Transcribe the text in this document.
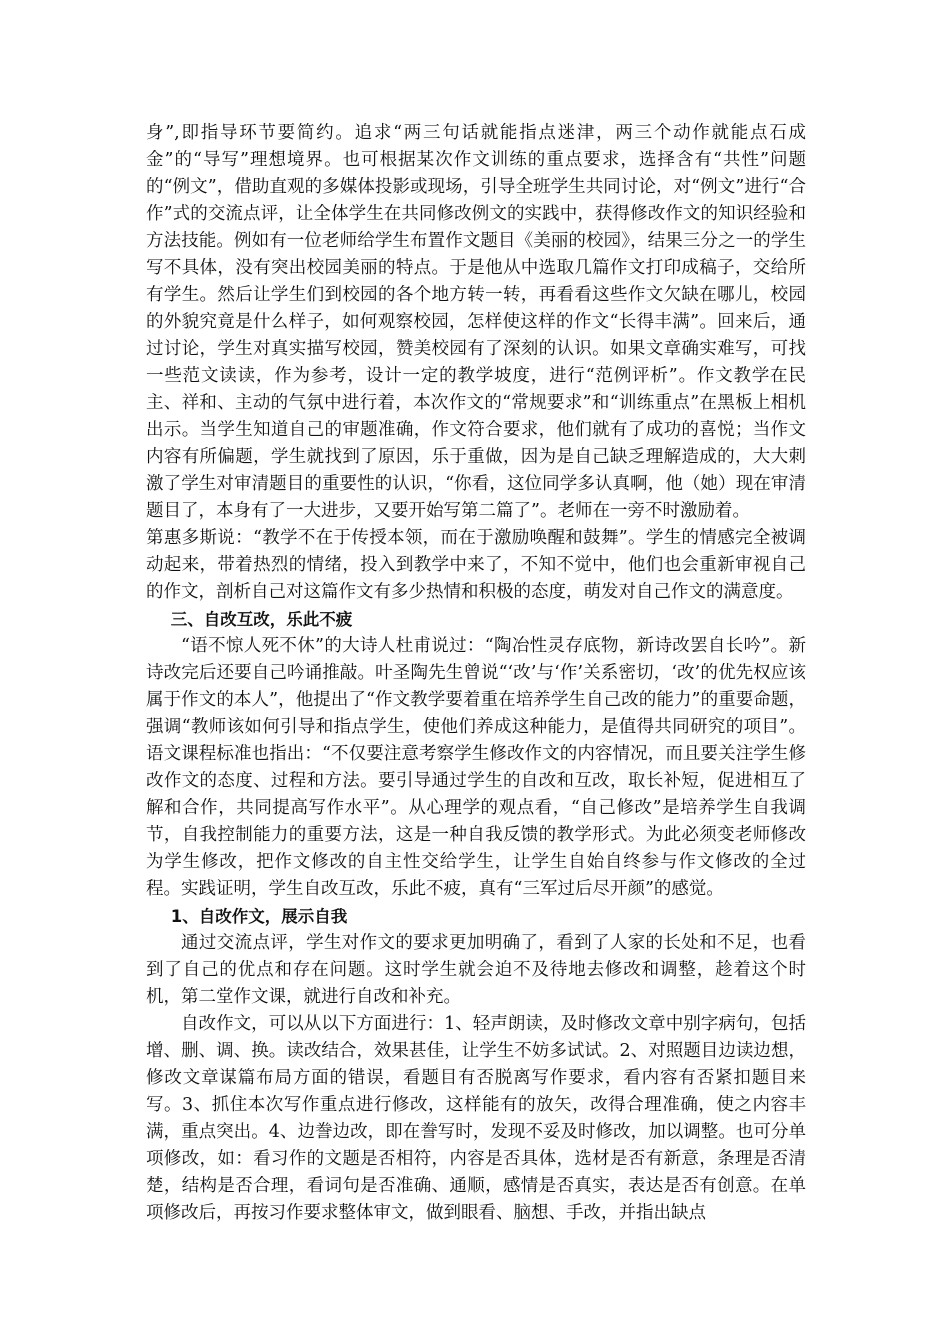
身”,即指导环节要简约。追求“两三句话就能指点迷津，两三个动作就能点石成金”的“导写”理想境界。也可根据某次作文训练的重点要求，选择含有“共性”问题的“例文”，借助直观的多媒体投影或现场，引导全班学生共同讨论，对“例文”进行“合作”式的交流点评，让全体学生在共同修改例文的实践中，获得修改作文的知识经验和方法技能。例如有一位老师给学生布置作文题目《美丽的校园》，结果三分之一的学生写不具体，没有突出校园美丽的特点。于是他从中选取几篇作文打印成稿子，交给所有学生。然后让学生们到校园的各个地方转一转，再看看这些作文欠缺在哪儿，校园的外貌究竟是什么样子，如何观察校园，怎样使这样的作文“长得丰满”。回来后，通过讨论，学生对真实描写校园，赞美校园有了深刻的认识。如果文章确实难写，可找一些范文读读，作为参考，设计一定的教学坡度，进行“范例评析”。作文教学在民主、祥和、主动的气氛中进行着，本次作文的“常规要求”和“训练重点”在黑板上相机出示。当学生知道自己的审题准确，作文符合要求，他们就有了成功的喜悦；当作文内容有所偏题，学生就找到了原因，乐于重做，因为是自己缺乏理解造成的，大大刺激了学生对审清题目的重要性的认识，“你看，这位同学多认真啊，他（她）现在审清题目了，本身有了一大进步，又要开始写第二篇了”。老师在一旁不时激励着。

第惠多斯说：“教学不在于传授本领，而在于激励唤醒和鼓舞”。学生的情感完全被调动起来，带着热烈的情绪，投入到教学中来了，不知不觉中，他们也会重新审视自己的作文，剖析自己对这篇作文有多少热情和积极的态度，萌发对自己作文的满意度。

三、自改互改，乐此不疲

“语不惊人死不休”的大诗人杜甫说过：“陶冶性灵存底物，新诗改罢自长吟”。新诗改完后还要自己吟诵推敲。叶圣陶先生曾说“‘改’与‘作’关系密切，‘改’的优先权应该属于作文的本人”，他提出了“作文教学要着重在培养学生自己改的能力”的重要命题，强调“教师该如何引导和指点学生，使他们养成这种能力，是值得共同研究的项目”。语文课程标准也指出：“不仅要注意考察学生修改作文的内容情况，而且要关注学生修改作文的态度、过程和方法。要引导通过学生的自改和互改，取长补短，促进相互了解和合作，共同提高写作水平”。从心理学的观点看，“自己修改”是培养学生自我调节，自我控制能力的重要方法，这是一种自我反馈的教学形式。为此必须变老师修改为学生修改，把作文修改的自主性交给学生，让学生自始自终参与作文修改的全过程。实践证明，学生自改互改，乐此不疲，真有“三军过后尽开颜”的感觉。

1、自改作文，展示自我

通过交流点评，学生对作文的要求更加明确了，看到了人家的长处和不足，也看到了自己的优点和存在问题。这时学生就会迫不及待地去修改和调整，趁着这个时机，第二堂作文课，就进行自改和补充。

自改作文，可以从以下方面进行：1、轻声朗读，及时修改文章中别字病句，包括增、删、调、换。读改结合，效果甚佳，让学生不妨多试试。2、对照题目边读边想，修改文章谋篇布局方面的错误，看题目有否脱离写作要求，看内容有否紧扣题目来写。3、抓住本次写作重点进行修改，这样能有的放矢，改得合理准确，使之内容丰满，重点突出。4、边誊边改，即在誊写时，发现不妥及时修改，加以调整。也可分单项修改，如：看习作的文题是否相符，内容是否具体，选材是否有新意，条理是否清楚，结构是否合理，看词句是否准确、通顺，感情是否真实，表达是否有创意。在单项修改后，再按习作要求整体审文，做到眼看、脑想、手改，并指出缺点
